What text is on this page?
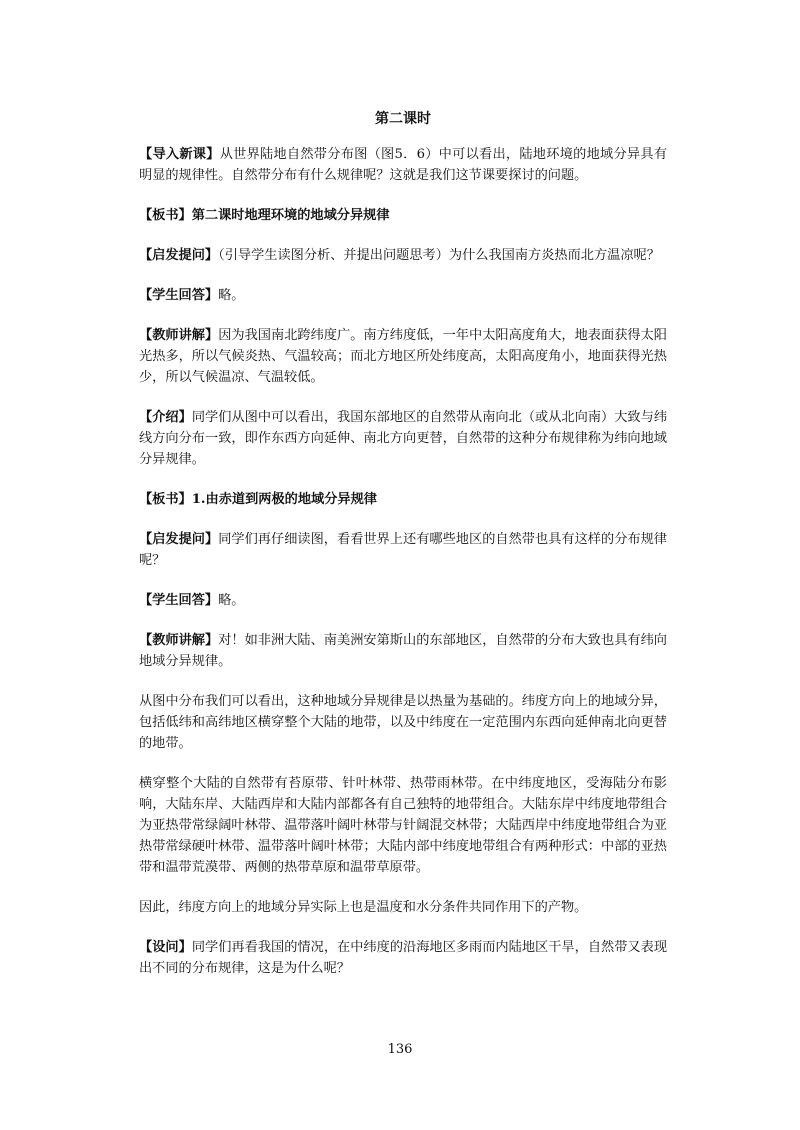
第二课时

【导入新课】从世界陆地自然带分布图（图5．6）中可以看出，陆地环境的地域分异具有明显的规律性。自然带分布有什么规律呢？这就是我们这节课要探讨的问题。

【板书】第二课时地理环境的地域分异规律

【启发提问】（引导学生读图分析、并提出问题思考）为什么我国南方炎热而北方温凉呢？

【学生回答】略。

【教师讲解】因为我国南北跨纬度广。南方纬度低，一年中太阳高度角大，地表面获得太阳光热多，所以气候炎热、气温较高；而北方地区所处纬度高，太阳高度角小，地面获得光热少，所以气候温凉、气温较低。

【介绍】同学们从图中可以看出，我国东部地区的自然带从南向北（或从北向南）大致与纬线方向分布一致，即作东西方向延伸、南北方向更替，自然带的这种分布规律称为纬向地域分异规律。

【板书】1.由赤道到两极的地域分异规律

【启发提问】同学们再仔细读图，看看世界上还有哪些地区的自然带也具有这样的分布规律呢？

【学生回答】略。

【教师讲解】对！如非洲大陆、南美洲安第斯山的东部地区，自然带的分布大致也具有纬向地域分异规律。

从图中分布我们可以看出，这种地域分异规律是以热量为基础的。纬度方向上的地域分异，包括低纬和高纬地区横穿整个大陆的地带，以及中纬度在一定范围内东西向延伸南北向更替的地带。

横穿整个大陆的自然带有苔原带、针叶林带、热带雨林带。在中纬度地区，受海陆分布影响，大陆东岸、大陆西岸和大陆内部都各有自己独特的地带组合。大陆东岸中纬度地带组合为亚热带常绿阔叶林带、温带落叶阔叶林带与针阔混交林带；大陆西岸中纬度地带组合为亚热带常绿硬叶林带、温带落叶阔叶林带；大陆内部中纬度地带组合有两种形式：中部的亚热带和温带荒漠带、两侧的热带草原和温带草原带。

因此，纬度方向上的地域分异实际上也是温度和水分条件共同作用下的产物。

【设问】同学们再看我国的情况，在中纬度的沿海地区多雨而内陆地区干旱，自然带又表现出不同的分布规律，这是为什么呢？

136
